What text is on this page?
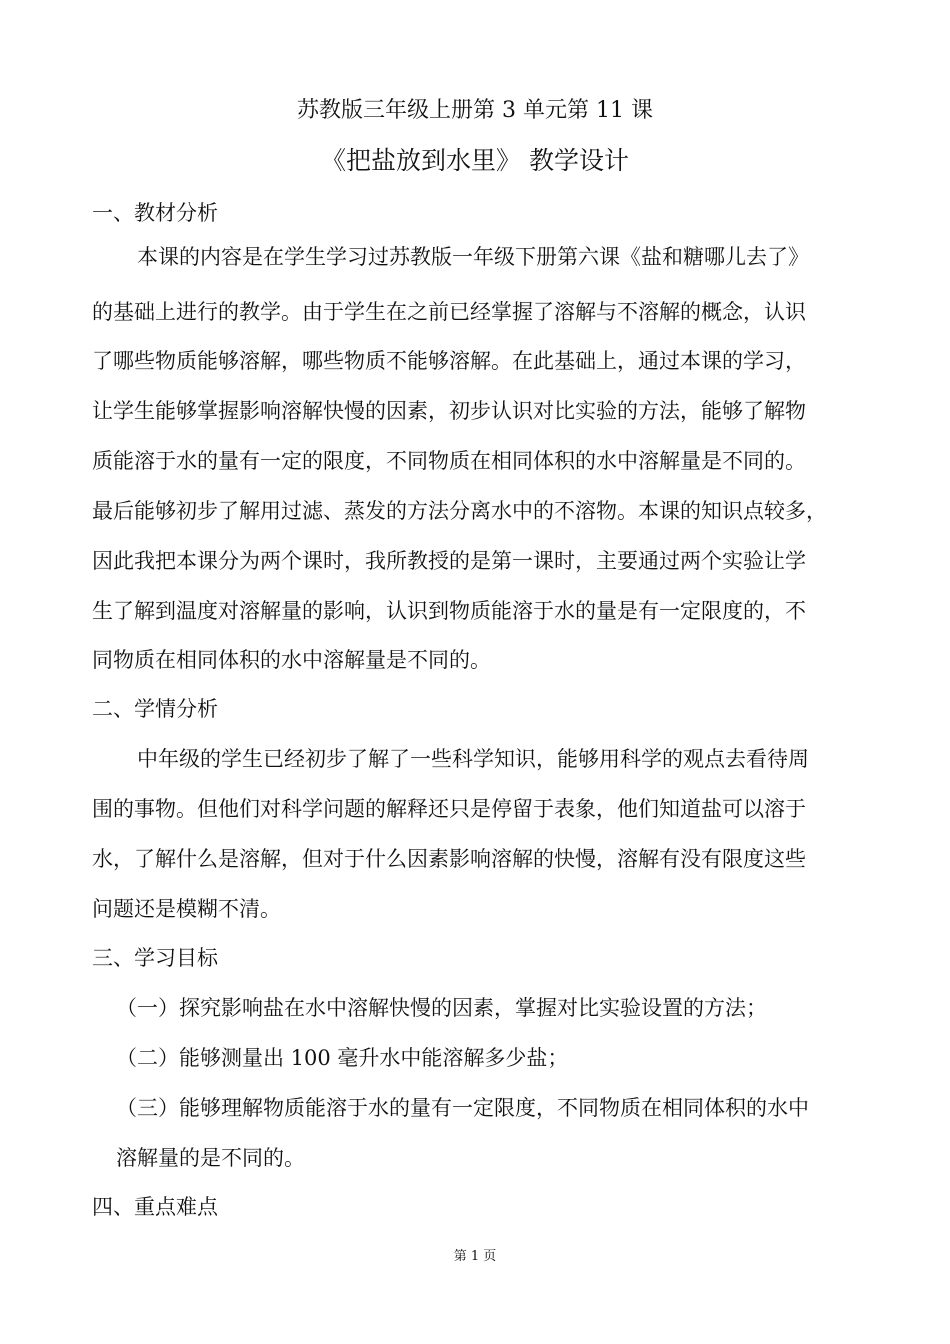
苏教版三年级上册第 3 单元第 11 课
《把盐放到水里》 教学设计
一、教材分析
本课的内容是在学生学习过苏教版一年级下册第六课《盐和糖哪儿去了》
的基础上进行的教学。由于学生在之前已经掌握了溶解与不溶解的概念，认识
了哪些物质能够溶解，哪些物质不能够溶解。在此基础上，通过本课的学习，
让学生能够掌握影响溶解快慢的因素，初步认识对比实验的方法，能够了解物
质能溶于水的量有一定的限度，不同物质在相同体积的水中溶解量是不同的。
最后能够初步了解用过滤、蒸发的方法分离水中的不溶物。本课的知识点较多，
因此我把本课分为两个课时，我所教授的是第一课时，主要通过两个实验让学
生了解到温度对溶解量的影响，认识到物质能溶于水的量是有一定限度的，不
同物质在相同体积的水中溶解量是不同的。
二、学情分析
中年级的学生已经初步了解了一些科学知识，能够用科学的观点去看待周
围的事物。但他们对科学问题的解释还只是停留于表象，他们知道盐可以溶于
水，了解什么是溶解，但对于什么因素影响溶解的快慢，溶解有没有限度这些
问题还是模糊不清。
三、学习目标
（一）探究影响盐在水中溶解快慢的因素，掌握对比实验设置的方法；
（二）能够测量出 100 毫升水中能溶解多少盐；
（三）能够理解物质能溶于水的量有一定限度，不同物质在相同体积的水中
溶解量的是不同的。
四、重点难点
第 1 页
